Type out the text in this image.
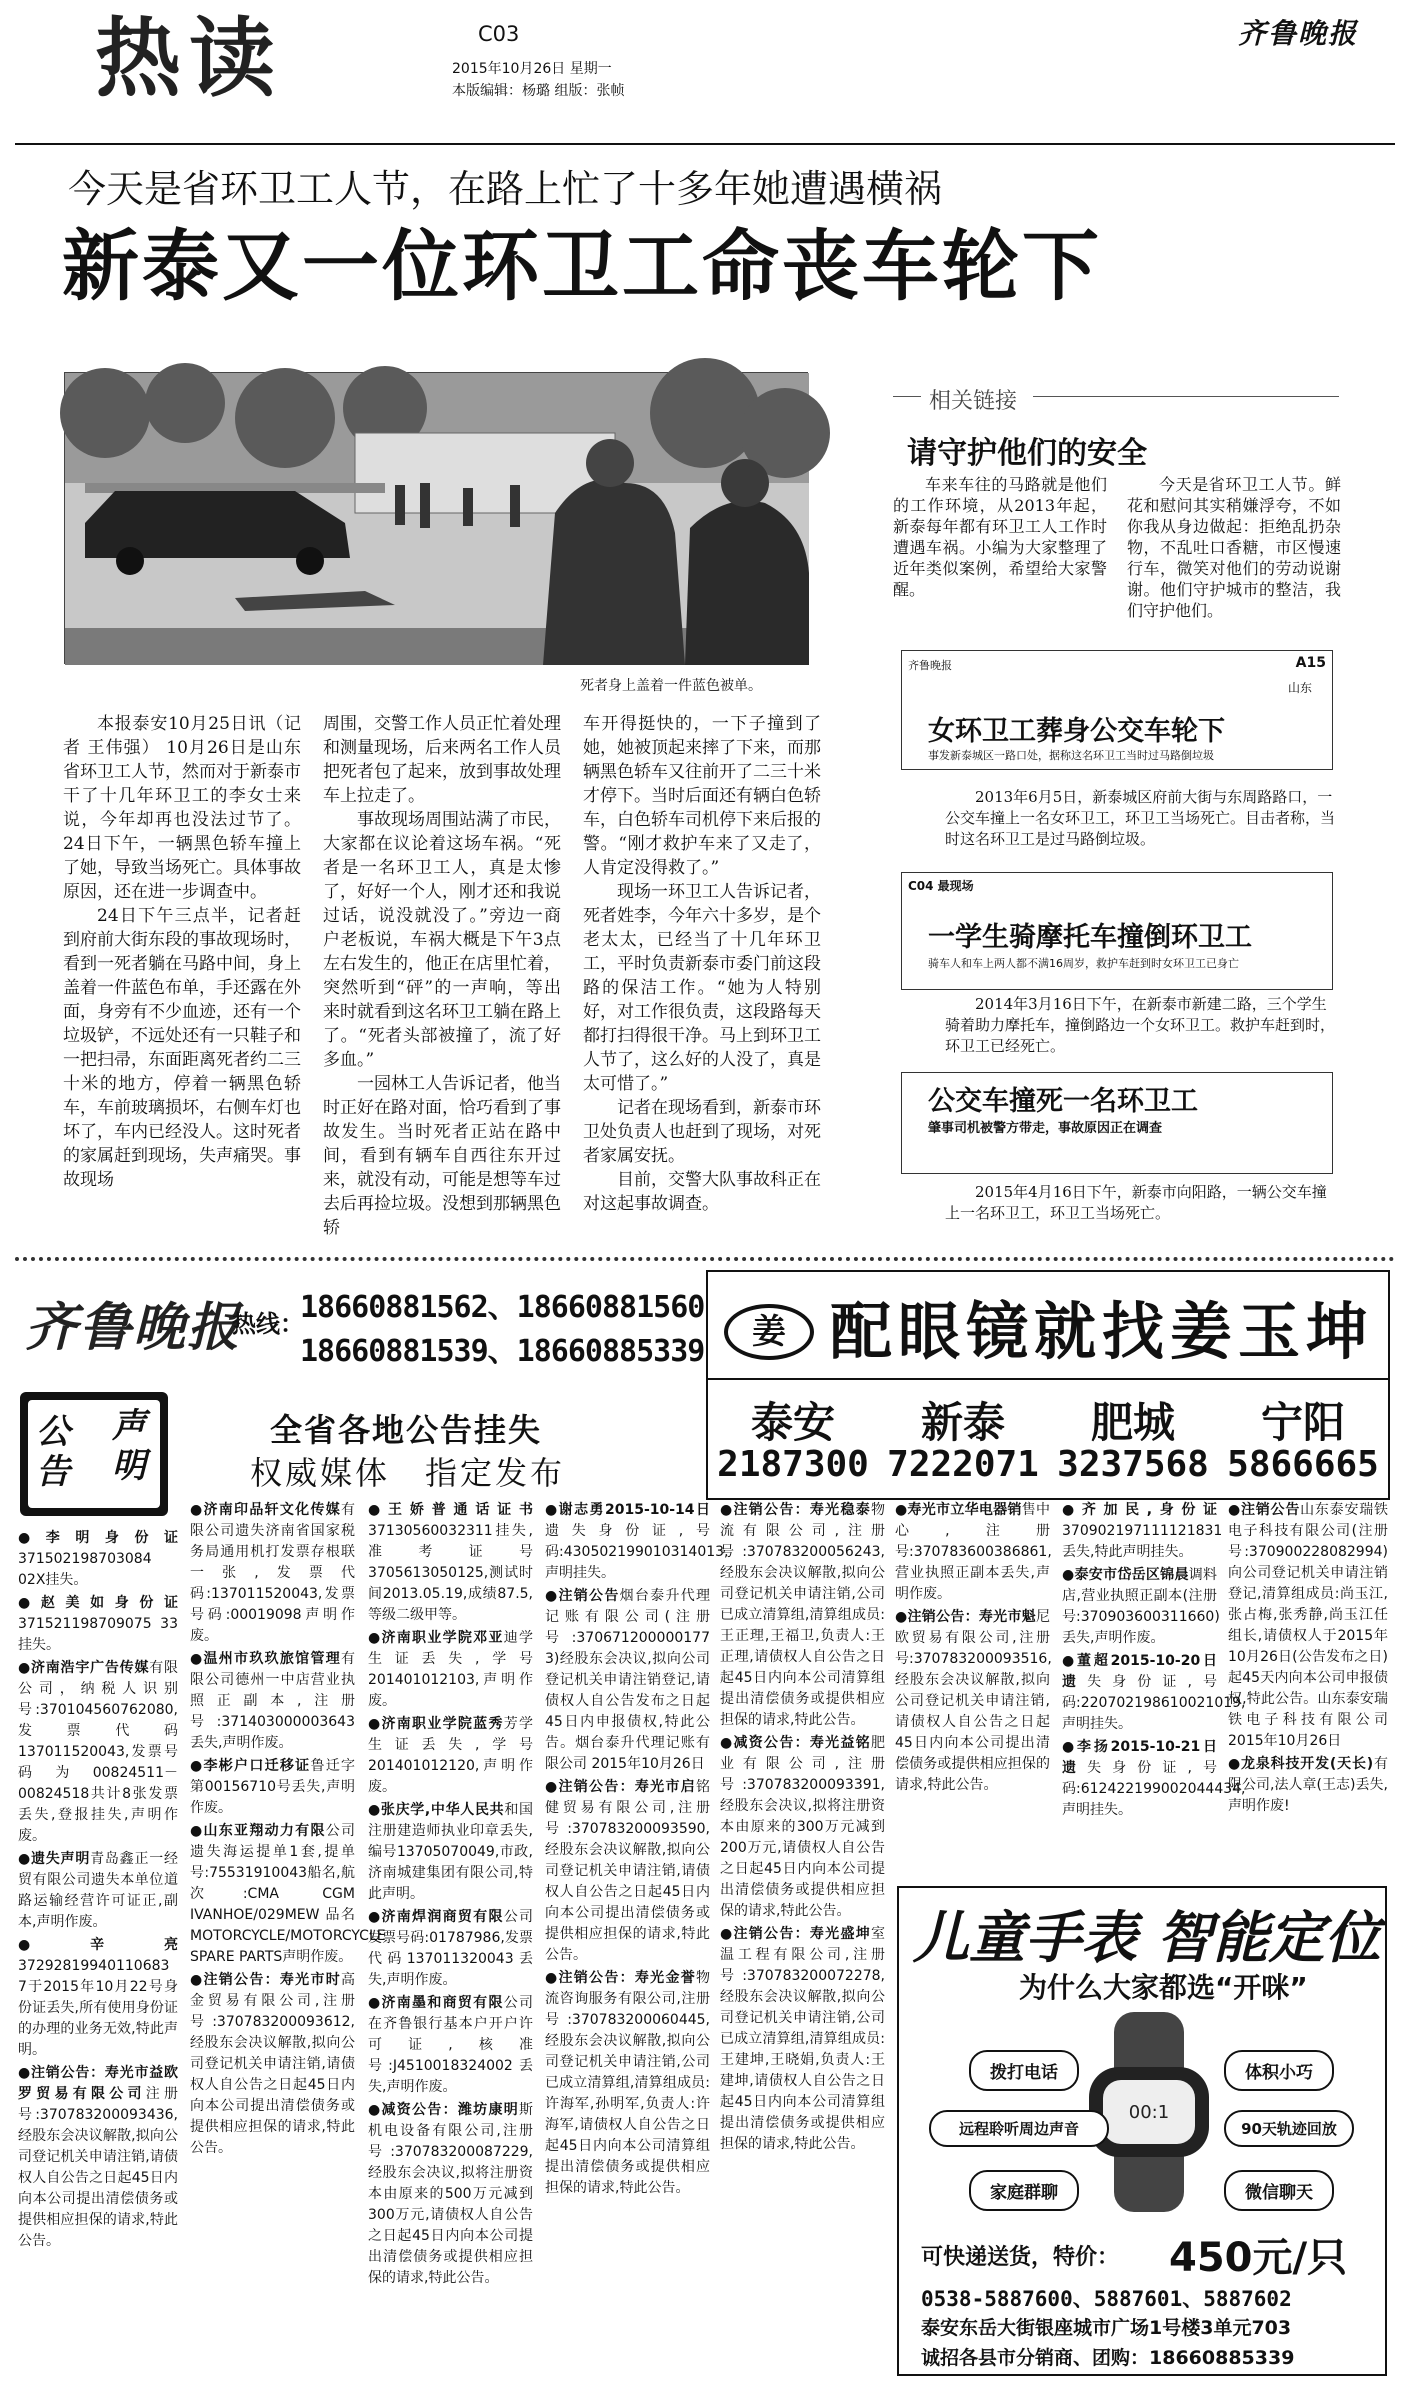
热读	C03
2015年10月26日 星期一
本版编辑：杨璐 组版：张帧
齐鲁晚报
今天是省环卫工人节，在路上忙了十多年她遭遇横祸
新泰又一位环卫工命丧车轮下
死者身上盖着一件蓝色被单。

本报泰安10月25日讯（记者 王伟强） 10月26日是山东省环卫工人节，然而对于新泰市干了十几年环卫工的李女士来说，今年却再也没法过节了。24日下午，一辆黑色轿车撞上了她，导致当场死亡。具体事故原因，还在进一步调查中。

24日下午三点半，记者赶到府前大街东段的事故现场时，看到一死者躺在马路中间，身上盖着一件蓝色布单，手还露在外面，身旁有不少血迹，还有一个垃圾铲，不远处还有一只鞋子和一把扫帚，东面距离死者约二三十米的地方，停着一辆黑色轿车，车前玻璃损坏，右侧车灯也坏了，车内已经没人。这时死者的家属赶到现场，失声痛哭。事故现场

周围，交警工作人员正忙着处理和测量现场，后来两名工作人员把死者包了起来，放到事故处理车上拉走了。

事故现场周围站满了市民，大家都在议论着这场车祸。“死者是一名环卫工人，真是太惨了，好好一个人，刚才还和我说过话，说没就没了。”旁边一商户老板说，车祸大概是下午3点左右发生的，他正在店里忙着，突然听到“砰”的一声响，等出来时就看到这名环卫工躺在路上了。“死者头部被撞了，流了好多血。”

一园林工人告诉记者，他当时正好在路对面，恰巧看到了事故发生。当时死者正站在路中间，看到有辆车自西往东开过来，就没有动，可能是想等车过去后再捡垃圾。没想到那辆黑色轿

车开得挺快的，一下子撞到了她，她被顶起来摔了下来，而那辆黑色轿车又往前开了二三十米才停下。当时后面还有辆白色轿车，白色轿车司机停下来后报的警。“刚才救护车来了又走了，人肯定没得救了。”

现场一环卫工人告诉记者，死者姓李，今年六十多岁，是个老太太，已经当了十几年环卫工，平时负责新泰市委门前这段路的保洁工作。“她为人特别好，对工作很负责，这段路每天都打扫得很干净。马上到环卫工人节了，这么好的人没了，真是太可惜了。”

记者在现场看到，新泰市环卫处负责人也赶到了现场，对死者家属安抚。

目前，交警大队事故科正在对这起事故调查。

相关链接
请守护他们的安全

车来车往的马路就是他们的工作环境，从2013年起，新泰每年都有环卫工人工作时遭遇车祸。小编为大家整理了近年类似案例，希望给大家警醒。

今天是省环卫工人节。鲜花和慰问其实稍嫌浮夸，不如你我从身边做起：拒绝乱扔杂物，不乱吐口香糖，市区慢速行车，微笑对他们的劳动说谢谢。他们守护城市的整洁，我们守护他们。

齐鲁晚报	A15
山东
女环卫工葬身公交车轮下
事发新泰城区一路口处，据称这名环卫工当时过马路倒垃圾
2013年6月5日，新泰城区府前大街与东周路路口，一公交车撞上一名女环卫工，环卫工当场死亡。目击者称，当时这名环卫工是过马路倒垃圾。
C04 最现场
一学生骑摩托车撞倒环卫工
骑车人和车上两人都不满16周岁，救护车赶到时女环卫工已身亡
2014年3月16日下午，在新泰市新建二路，三个学生骑着助力摩托车，撞倒路边一个女环卫工。救护车赶到时，环卫工已经死亡。
公交车撞死一名环卫工
肇事司机被警方带走，事故原因正在调查
2015年4月16日下午，新泰市向阳路，一辆公交车撞上一名环卫工，环卫工当场死亡。
齐鲁晚报
热线：
18660881562、18660881560
18660881539、18660885339
公告
声明
全省各地公告挂失
权威媒体　指定发布
姜 配眼镜就找姜玉坤
泰安 新泰 肥城 宁阳
2187300 7222071 3237568 5866665
●李明身份证371502198703084 02X挂失。
●赵美如身份证371521198709075 33挂失。
●济南浩宇广告传媒有限公司，纳税人识别号:370104560762080,发票代码137011520043,发票号码为00824511－00824518共计8张发票丢失,登报挂失,声明作废。
●遗失声明青岛鑫正一经贸有限公司遗失本单位道路运输经营许可证正,副本,声明作废。
●辛亮37292819940110683 7于2015年10月22号身份证丢失,所有使用身份证的办理的业务无效,特此声明。
●注销公告：寿光市益欧罗贸易有限公司注册号:370783200093436,经股东会决议解散,拟向公司登记机关申请注销,请债权人自公告之日起45日内向本公司提出清偿债务或提供相应担保的请求,特此公告。
●济南印品轩文化传媒有限公司遗失济南省国家税务局通用机打发票存根联一张,发票代码:137011520043,发票号码:00019098声明作废。
●温州市玖玖旅馆管理有限公司德州一中店营业执照正副本,注册号:371403000003643丢失,声明作废。
●李彬户口迁移证鲁迁字第00156710号丢失,声明作废。
●山东亚翔动力有限公司遗失海运提单1套,提单号:75531910043船名,航次:CMA CGM IVANHOE/029MEW 品名 MOTORCYCLE/MOTORCYCLE SPARE PARTS声明作废。
●注销公告：寿光市时高金贸易有限公司,注册号:370783200093612,经股东会决议解散,拟向公司登记机关申请注销,请债权人自公告之日起45日内向本公司提出清偿债务或提供相应担保的请求,特此公告。
●王娇普通话证书37130560032311挂失,准考证号3705613050125,测试时间2013.05.19,成绩87.5,等级二级甲等。
●济南职业学院邓亚迪学生证丢失,学号201401012103,声明作废。
●济南职业学院蓝秀芳学生证丢失,学号201401012120,声明作废。
●张庆学,中华人民共和国注册建造师执业印章丢失,编号13705070049,市政,济南城建集团有限公司,特此声明。
●济南焊润商贸有限公司发票号码:01787986,发票代码137011320043丢失,声明作废。
●济南墨和商贸有限公司在齐鲁银行基本户开户许可证,核准号:J4510018324002丢失,声明作废。
●减资公告：潍坊康明斯机电设备有限公司,注册号:370783200087229,经股东会决议,拟将注册资本由原来的500万元减到300万元,请债权人自公告之日起45日内向本公司提出清偿债务或提供相应担保的请求,特此公告。
●谢志勇2015-10-14日遗失身份证,号码:430502199010314013,声明挂失。
●注销公告烟台泰升代理记账有限公司(注册号:370671200000177 3)经股东会决议,拟向公司登记机关申请注销登记,请债权人自公告发布之日起45日内申报债权,特此公告。烟台泰升代理记账有限公司 2015年10月26日
●注销公告：寿光市启铭健贸易有限公司,注册号:370783200093590,经股东会决议解散,拟向公司登记机关申请注销,请债权人自公告之日起45日内向本公司提出清偿债务或提供相应担保的请求,特此公告。
●注销公告：寿光金誉物流咨询服务有限公司,注册号:370783200060445,经股东会决议解散,拟向公司登记机关申请注销,公司已成立清算组,清算组成员:许海军,孙明军,负责人:许海军,请债权人自公告之日起45日内向本公司清算组提出清偿债务或提供相应担保的请求,特此公告。
●注销公告：寿光稳泰物流有限公司,注册号:370783200056243,经股东会决议解散,拟向公司登记机关申请注销,公司已成立清算组,清算组成员:王正理,王福卫,负责人:王正理,请债权人自公告之日起45日内向本公司清算组提出清偿债务或提供相应担保的请求,特此公告。
●减资公告：寿光益铭肥业有限公司,注册号:370783200093391,经股东会决议,拟将注册资本由原来的300万元减到200万元,请债权人自公告之日起45日内向本公司提出清偿债务或提供相应担保的请求,特此公告。
●注销公告：寿光盛坤室温工程有限公司,注册号:370783200072278,经股东会决议解散,拟向公司登记机关申请注销,公司已成立清算组,清算组成员:王建坤,王晓娟,负责人:王建坤,请债权人自公告之日起45日内向本公司清算组提出清偿债务或提供相应担保的请求,特此公告。
●寿光市立华电器销售中心,注册号:370783600386861,营业执照正副本丢失,声明作废。
●注销公告：寿光市魁尼欧贸易有限公司,注册号:370783200093516,经股东会决议解散,拟向公司登记机关申请注销,请债权人自公告之日起45日内向本公司提出清偿债务或提供相应担保的请求,特此公告。
●齐加民,身份证370902197111121831丢失,特此声明挂失。
●泰安市岱岳区锦晨调料店,营业执照正副本(注册号:370903600311660)丢失,声明作废。
●董超2015-10-20日遗失身份证,号码:220702198610021019,声明挂失。
●李扬2015-10-21日遗失身份证,号码:612422199002044434,声明挂失。
●注销公告山东泰安瑞铁电子科技有限公司(注册号:370900228082994)向公司登记机关申请注销登记,清算组成员:尚玉江,张占梅,张秀静,尚玉江任组长,请债权人于2015年10月26日(公告发布之日)起45天内向本公司申报债权,特此公告。山东泰安瑞铁电子科技有限公司 2015年10月26日
●龙泉科技开发(天长)有限公司,法人章(王志)丢失,声明作废!
儿童手表 智能定位
为什么大家都选“开咪”
00:1
拨打电话	体积小巧
远程聆听周边声音	90天轨迹回放
家庭群聊	微信聊天
可快递送货，特价： 450元/只
0538-5887600、5887601、5887602
泰安东岳大街银座城市广场1号楼3单元703
诚招各县市分销商、团购：18660885339
